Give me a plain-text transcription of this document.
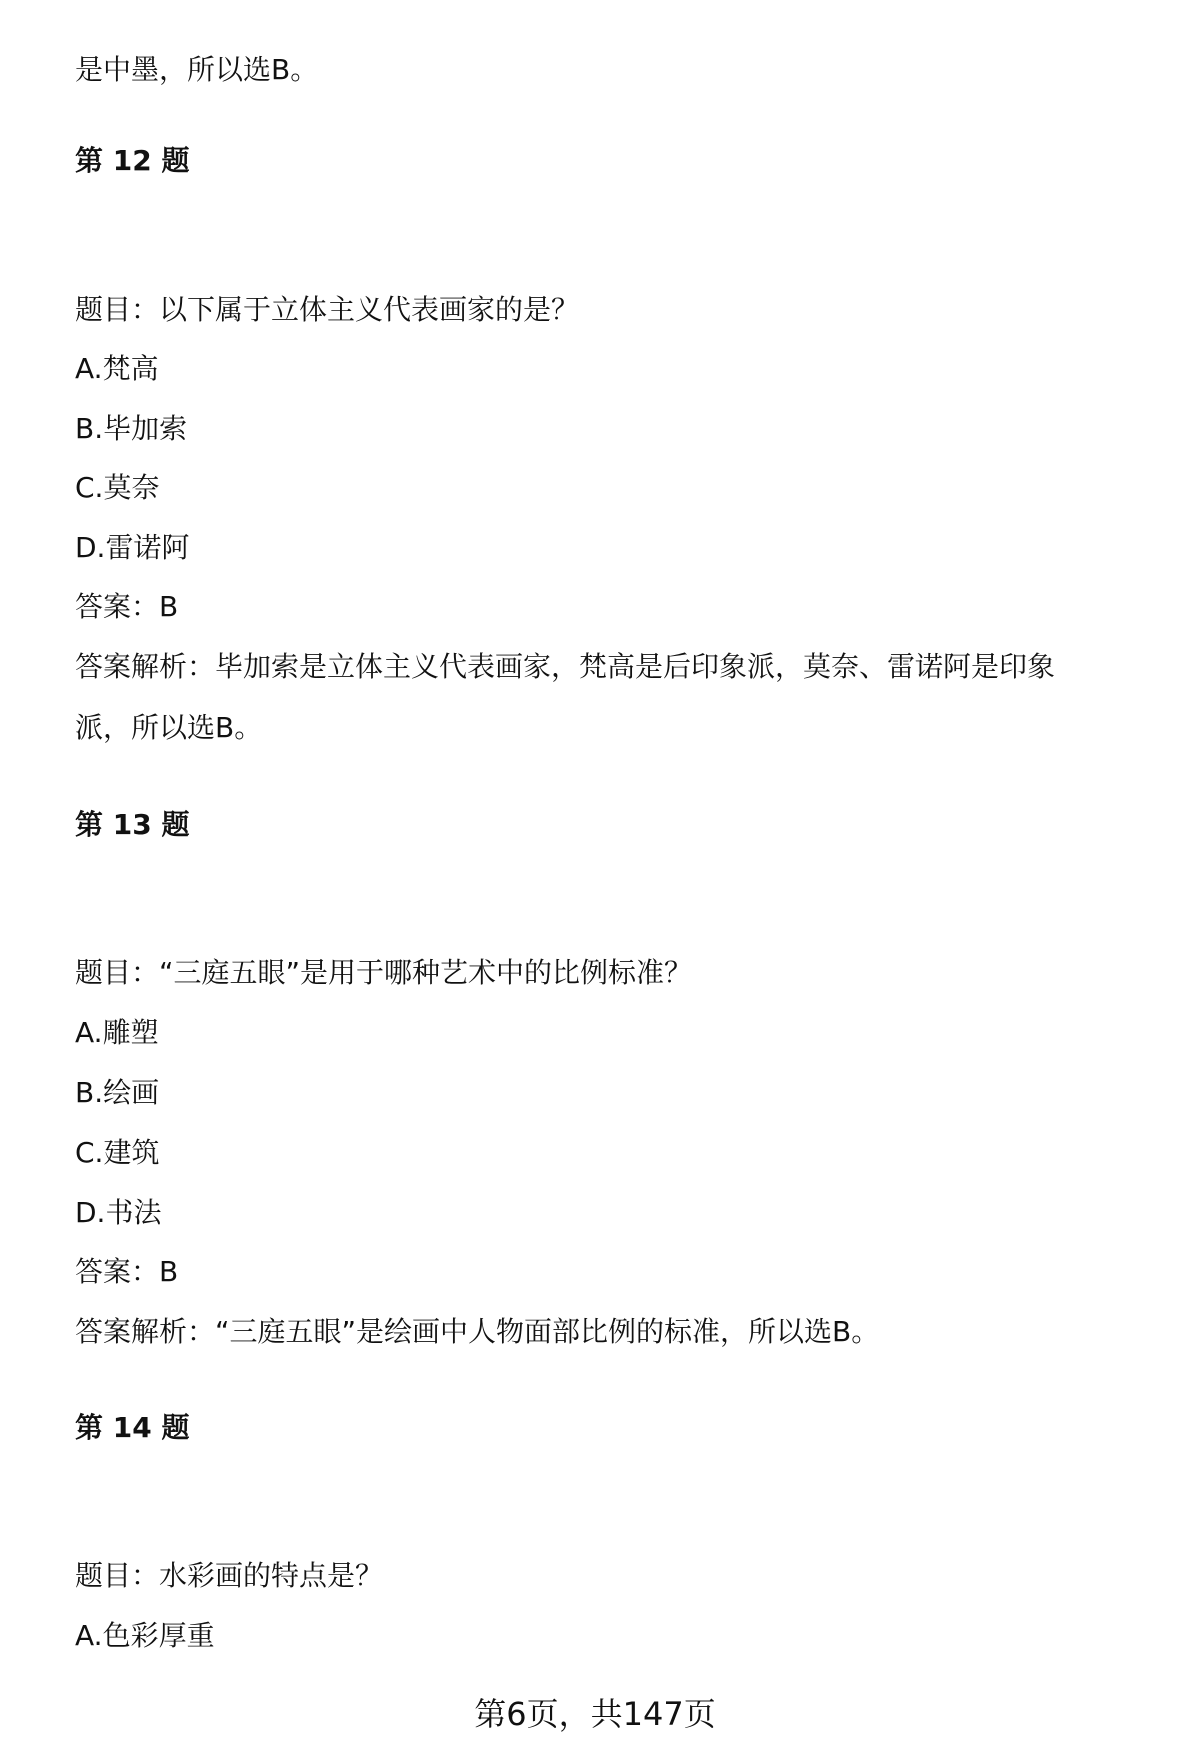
是中墨，所以选B。
第 12 题
题目：以下属于立体主义代表画家的是？
A.梵高
B.毕加索
C.莫奈
D.雷诺阿
答案：B
答案解析：毕加索是立体主义代表画家，梵高是后印象派，莫奈、雷诺阿是印象
派，所以选B。
第 13 题
题目：“三庭五眼”是用于哪种艺术中的比例标准？
A.雕塑
B.绘画
C.建筑
D.书法
答案：B
答案解析：“三庭五眼”是绘画中人物面部比例的标准，所以选B。
第 14 题
题目：水彩画的特点是？
A.色彩厚重
第6页，共147页
